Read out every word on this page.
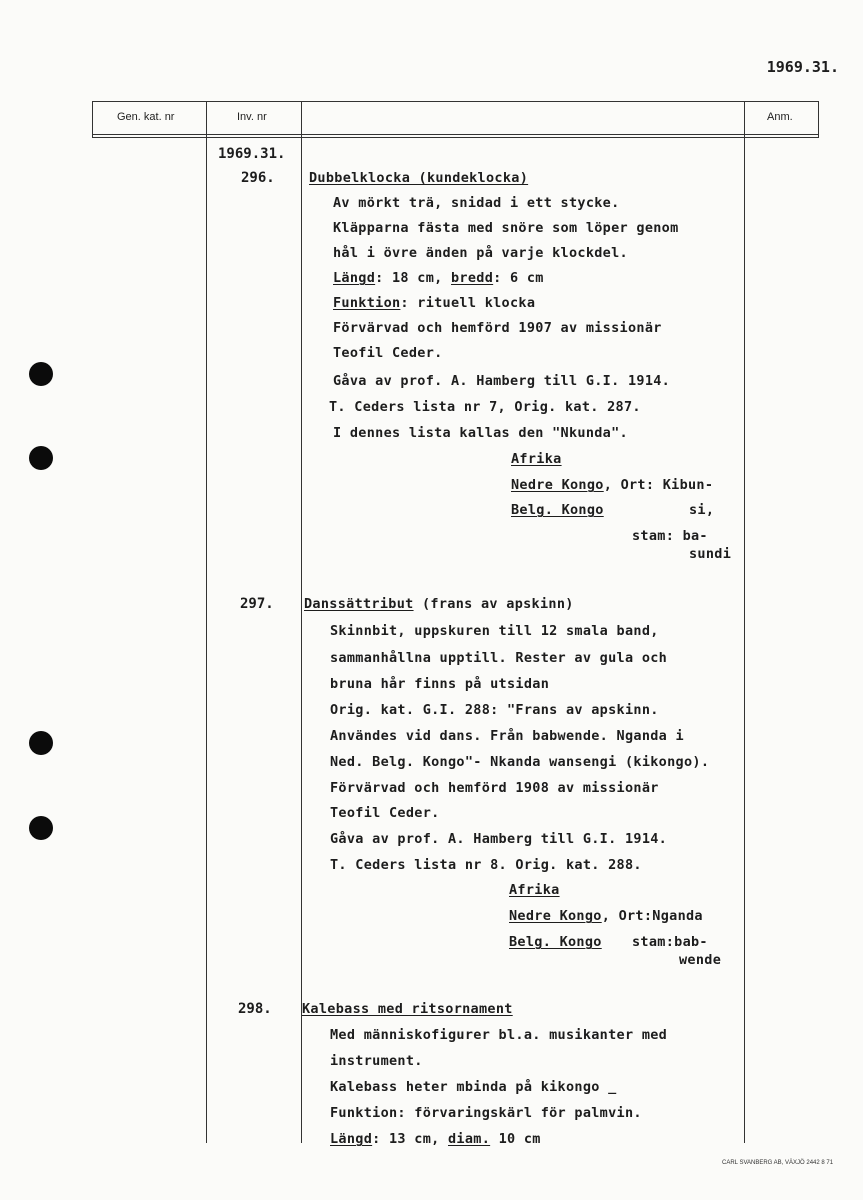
1969.31.
Gen. kat. nr	Inv. nr	Anm.
1969.31.
296.	Dubbelklocka (kundeklocka)
Av mörkt trä, snidad i ett stycke.
Kläpparna fästa med snöre som löper genom
hål i övre änden på varje klockdel.
Längd: 18 cm, bredd: 6 cm
Funktion: rituell klocka
Förvärvad och hemförd 1907 av missionär
Teofil Ceder.
Gåva av prof. A. Hamberg till G.I. 1914.
T. Ceders lista nr 7, Orig. kat. 287.
I dennes lista kallas den "Nkunda".
Afrika
Nedre Kongo, Ort: Kibun-
Belg. Kongo	si,
stam: ba-
sundi
297. Danssättribut (frans av apskinn)
Skinnbit, uppskuren till 12 smala band,
sammanhållna upptill. Rester av gula och
bruna hår finns på utsidan
Orig. kat. G.I. 288: "Frans av apskinn.
Användes vid dans. Från babwende. Nganda i
Ned. Belg. Kongo"- Nkanda wansengi (kikongo).
Förvärvad och hemförd 1908 av missionär
Teofil Ceder.
Gåva av prof. A. Hamberg till G.I. 1914.
T. Ceders lista nr 8. Orig. kat. 288.
Afrika
Nedre Kongo, Ort:Nganda
Belg. Kongo stam:bab-
wende
298. Kalebass med ritsornament
Med människofigurer bl.a. musikanter med
instrument.
Kalebass heter mbinda på kikongo _
Funktion: förvaringskärl för palmvin.
Längd: 13 cm, diam. 10 cm
CARL SVANBERG AB, VÄXJÖ 2442 8 71
